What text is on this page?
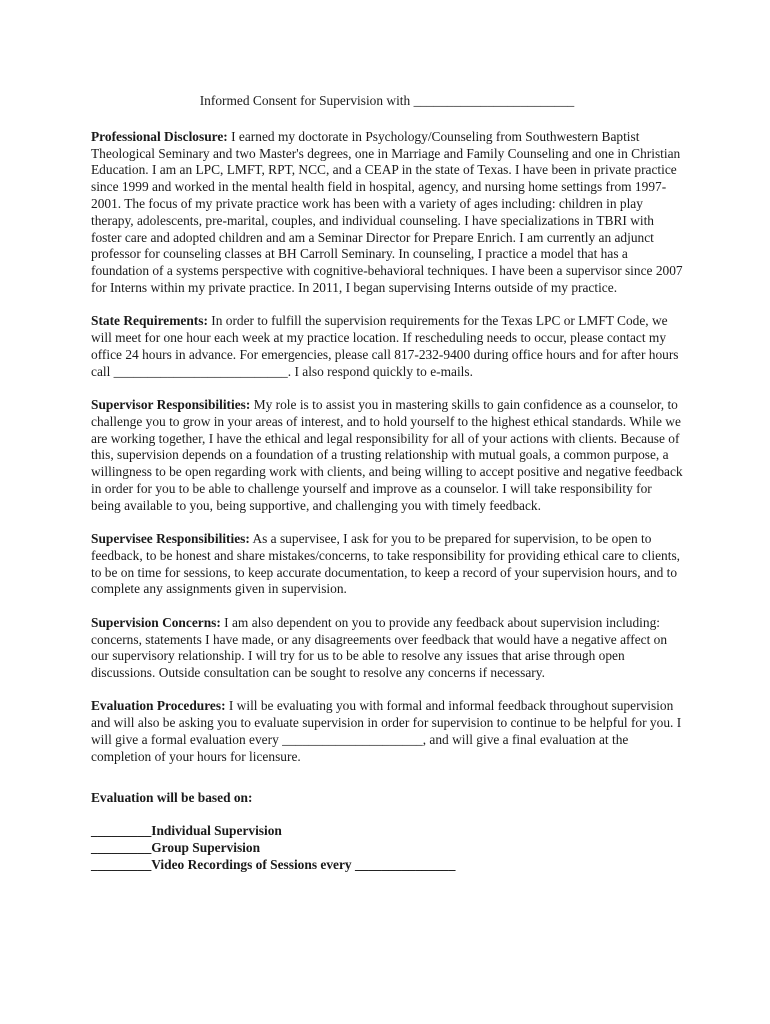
Informed Consent for Supervision with ________________________

Professional Disclosure: I earned my doctorate in Psychology/Counseling from Southwestern Baptist Theological Seminary and two Master's degrees, one in Marriage and Family Counseling and one in Christian Education. I am an LPC, LMFT, RPT, NCC, and a CEAP in the state of Texas. I have been in private practice since 1999 and worked in the mental health field in hospital, agency, and nursing home settings from 1997-2001. The focus of my private practice work has been with a variety of ages including: children in play therapy, adolescents, pre-marital, couples, and individual counseling. I have specializations in TBRI with foster care and adopted children and am a Seminar Director for Prepare Enrich. I am currently an adjunct professor for counseling classes at BH Carroll Seminary. In counseling, I practice a model that has a foundation of a systems perspective with cognitive-behavioral techniques. I have been a supervisor since 2007 for Interns within my private practice. In 2011, I began supervising Interns outside of my practice.

State Requirements: In order to fulfill the supervision requirements for the Texas LPC or LMFT Code, we will meet for one hour each week at my practice location. If rescheduling needs to occur, please contact my office 24 hours in advance. For emergencies, please call 817-232-9400 during office hours and for after hours call __________________________. I also respond quickly to e-mails.

Supervisor Responsibilities: My role is to assist you in mastering skills to gain confidence as a counselor, to challenge you to grow in your areas of interest, and to hold yourself to the highest ethical standards. While we are working together, I have the ethical and legal responsibility for all of your actions with clients. Because of this, supervision depends on a foundation of a trusting relationship with mutual goals, a common purpose, a willingness to be open regarding work with clients, and being willing to accept positive and negative feedback in order for you to be able to challenge yourself and improve as a counselor. I will take responsibility for being available to you, being supportive, and challenging you with timely feedback.

Supervisee Responsibilities: As a supervisee, I ask for you to be prepared for supervision, to be open to feedback, to be honest and share mistakes/concerns, to take responsibility for providing ethical care to clients, to be on time for sessions, to keep accurate documentation, to keep a record of your supervision hours, and to complete any assignments given in supervision.

Supervision Concerns: I am also dependent on you to provide any feedback about supervision including: concerns, statements I have made, or any disagreements over feedback that would have a negative affect on our supervisory relationship. I will try for us to be able to resolve any issues that arise through open discussions. Outside consultation can be sought to resolve any concerns if necessary.

Evaluation Procedures: I will be evaluating you with formal and informal feedback throughout supervision and will also be asking you to evaluate supervision in order for supervision to continue to be helpful for you. I will give a formal evaluation every _____________________, and will give a final evaluation at the completion of your hours for licensure.

Evaluation will be based on:
_________Individual Supervision
_________Group Supervision
_________Video Recordings of Sessions every _______________
